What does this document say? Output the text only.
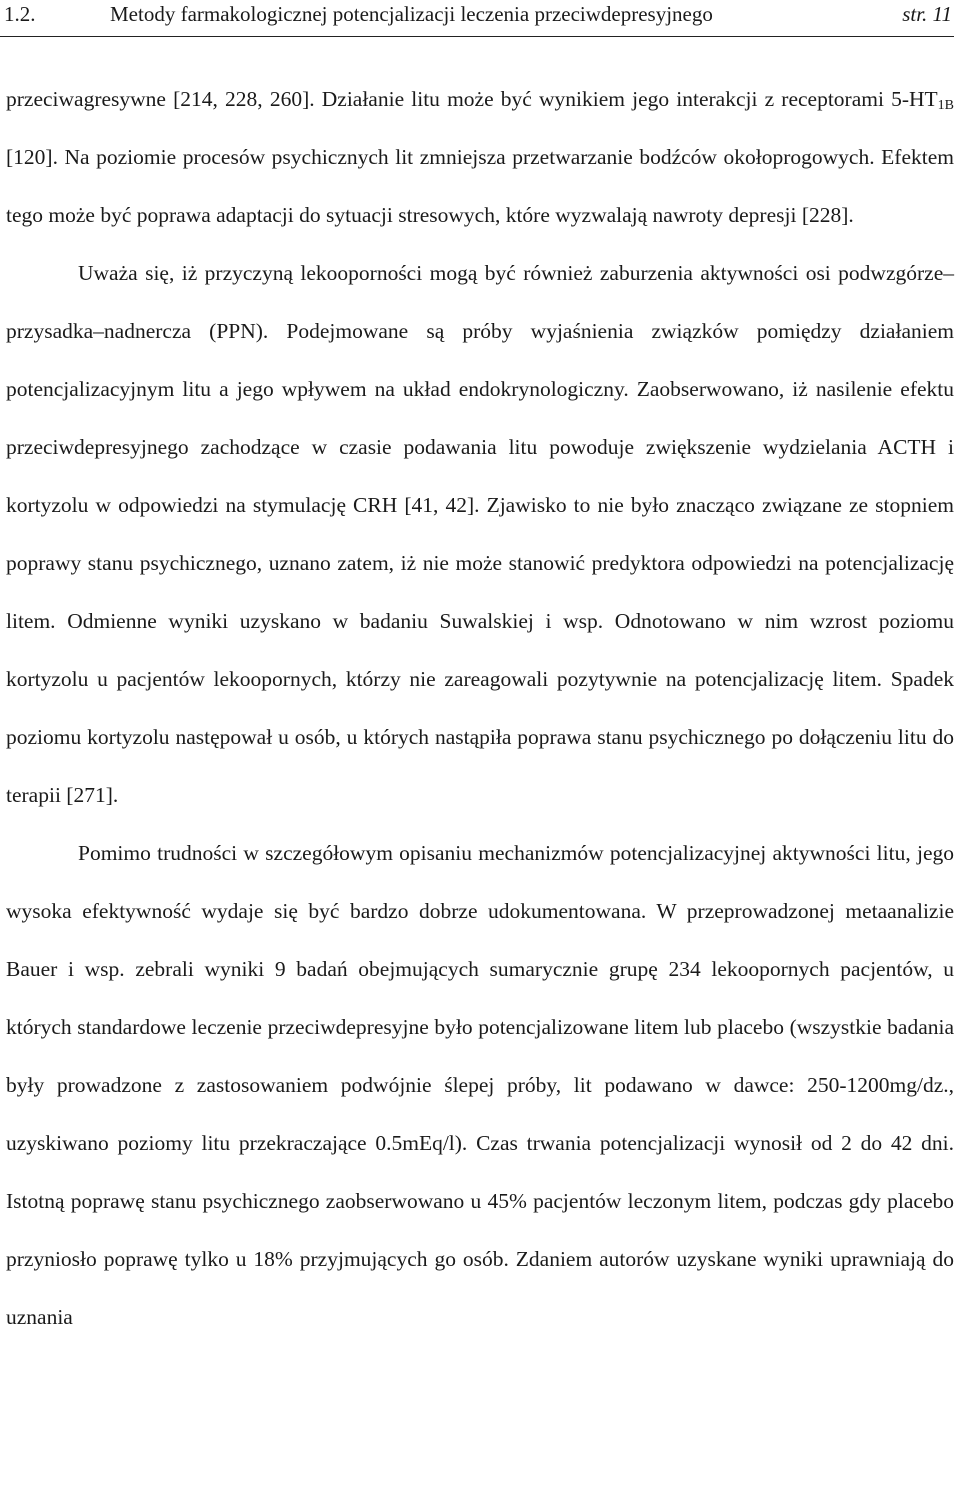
1.2.	Metody farmakologicznej potencjalizacji leczenia przeciwdepresyjnego	str. 11

przeciwagresywne [214, 228, 260]. Działanie litu może być wynikiem jego interakcji z receptorami $5-HT_{1B}$ [120]. Na poziomie procesów psychicznych lit zmniejsza przetwarzanie bodźców okołoprogowych. Efektem tego może być poprawa adaptacji do sytuacji stresowych, które wyzwalają nawroty depresji [228].

Uważa się, iż przyczyną lekooporności mogą być również zaburzenia aktywności osi podwzgórze–przysadka–nadnercza (PPN). Podejmowane są próby wyjaśnienia związków pomiędzy działaniem potencjalizacyjnym litu a jego wpływem na układ endokrynologiczny. Zaobserwowano, iż nasilenie efektu przeciwdepresyjnego zachodzące w czasie podawania litu powoduje zwiększenie wydzielania ACTH i kortyzolu w odpowiedzi na stymulację CRH [41, 42]. Zjawisko to nie było znacząco związane ze stopniem poprawy stanu psychicznego, uznano zatem, iż nie może stanowić predyktora odpowiedzi na potencjalizację litem. Odmienne wyniki uzyskano w badaniu Suwalskiej i wsp. Odnotowano w nim wzrost poziomu kortyzolu u pacjentów lekoopornych, którzy nie zareagowali pozytywnie na potencjalizację litem. Spadek poziomu kortyzolu następował u osób, u których nastąpiła poprawa stanu psychicznego po dołączeniu litu do terapii [271].

Pomimo trudności w szczegółowym opisaniu mechanizmów potencjalizacyjnej aktywności litu, jego wysoka efektywność wydaje się być bardzo dobrze udokumentowana. W przeprowadzonej metaanalizie Bauer i wsp. zebrali wyniki 9 badań obejmujących sumarycznie grupę 234 lekoopornych pacjentów, u których standardowe leczenie przeciwdepresyjne było potencjalizowane litem lub placebo (wszystkie badania były prowadzone z zastosowaniem podwójnie ślepej próby, lit podawano w dawce: 250-1200mg/dz., uzyskiwano poziomy litu przekraczające 0.5mEq/l). Czas trwania potencjalizacji wynosił od 2 do 42 dni. Istotną poprawę stanu psychicznego zaobserwowano u 45% pacjentów leczonym litem, podczas gdy placebo przyniosło poprawę tylko u 18% przyjmujących go osób. Zdaniem autorów uzyskane wyniki uprawniają do uznania
